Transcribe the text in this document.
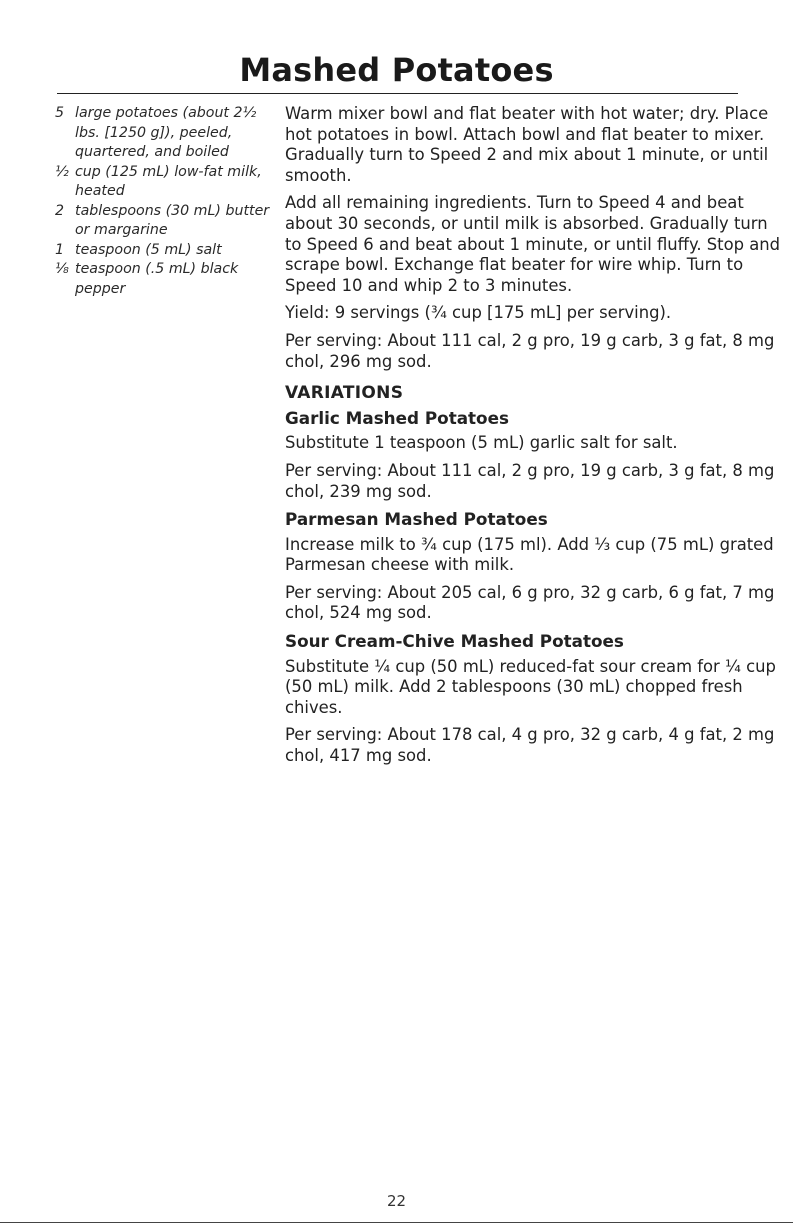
Mashed Potatoes
5 large potatoes (about 2½ lbs. [1250 g]), peeled, quartered, and boiled
½ cup (125 mL) low-fat milk, heated
2 tablespoons (30 mL) butter or margarine
1 teaspoon (5 mL) salt
⅛ teaspoon (.5 mL) black pepper

Warm mixer bowl and flat beater with hot water; dry. Place hot potatoes in bowl. Attach bowl and flat beater to mixer. Gradually turn to Speed 2 and mix about 1 minute, or until smooth.

Add all remaining ingredients. Turn to Speed 4 and beat about 30 seconds, or until milk is absorbed. Gradually turn to Speed 6 and beat about 1 minute, or until fluffy. Stop and scrape bowl. Exchange flat beater for wire whip. Turn to Speed 10 and whip 2 to 3 minutes.

Yield: 9 servings (¾ cup [175 mL] per serving).

Per serving: About 111 cal, 2 g pro, 19 g carb, 3 g fat, 8 mg chol, 296 mg sod.

VARIATIONS
Garlic Mashed Potatoes

Substitute 1 teaspoon (5 mL) garlic salt for salt.

Per serving: About 111 cal, 2 g pro, 19 g carb, 3 g fat, 8 mg chol, 239 mg sod.

Parmesan Mashed Potatoes

Increase milk to ¾ cup (175 ml). Add ⅓ cup (75 mL) grated Parmesan cheese with milk.

Per serving: About 205 cal, 6 g pro, 32 g carb, 6 g fat, 7 mg chol, 524 mg sod.

Sour Cream-Chive Mashed Potatoes

Substitute ¼ cup (50 mL) reduced-fat sour cream for ¼ cup (50 mL) milk. Add 2 tablespoons (30 mL) chopped fresh chives.

Per serving: About 178 cal, 4 g pro, 32 g carb, 4 g fat, 2 mg chol, 417 mg sod.

22
